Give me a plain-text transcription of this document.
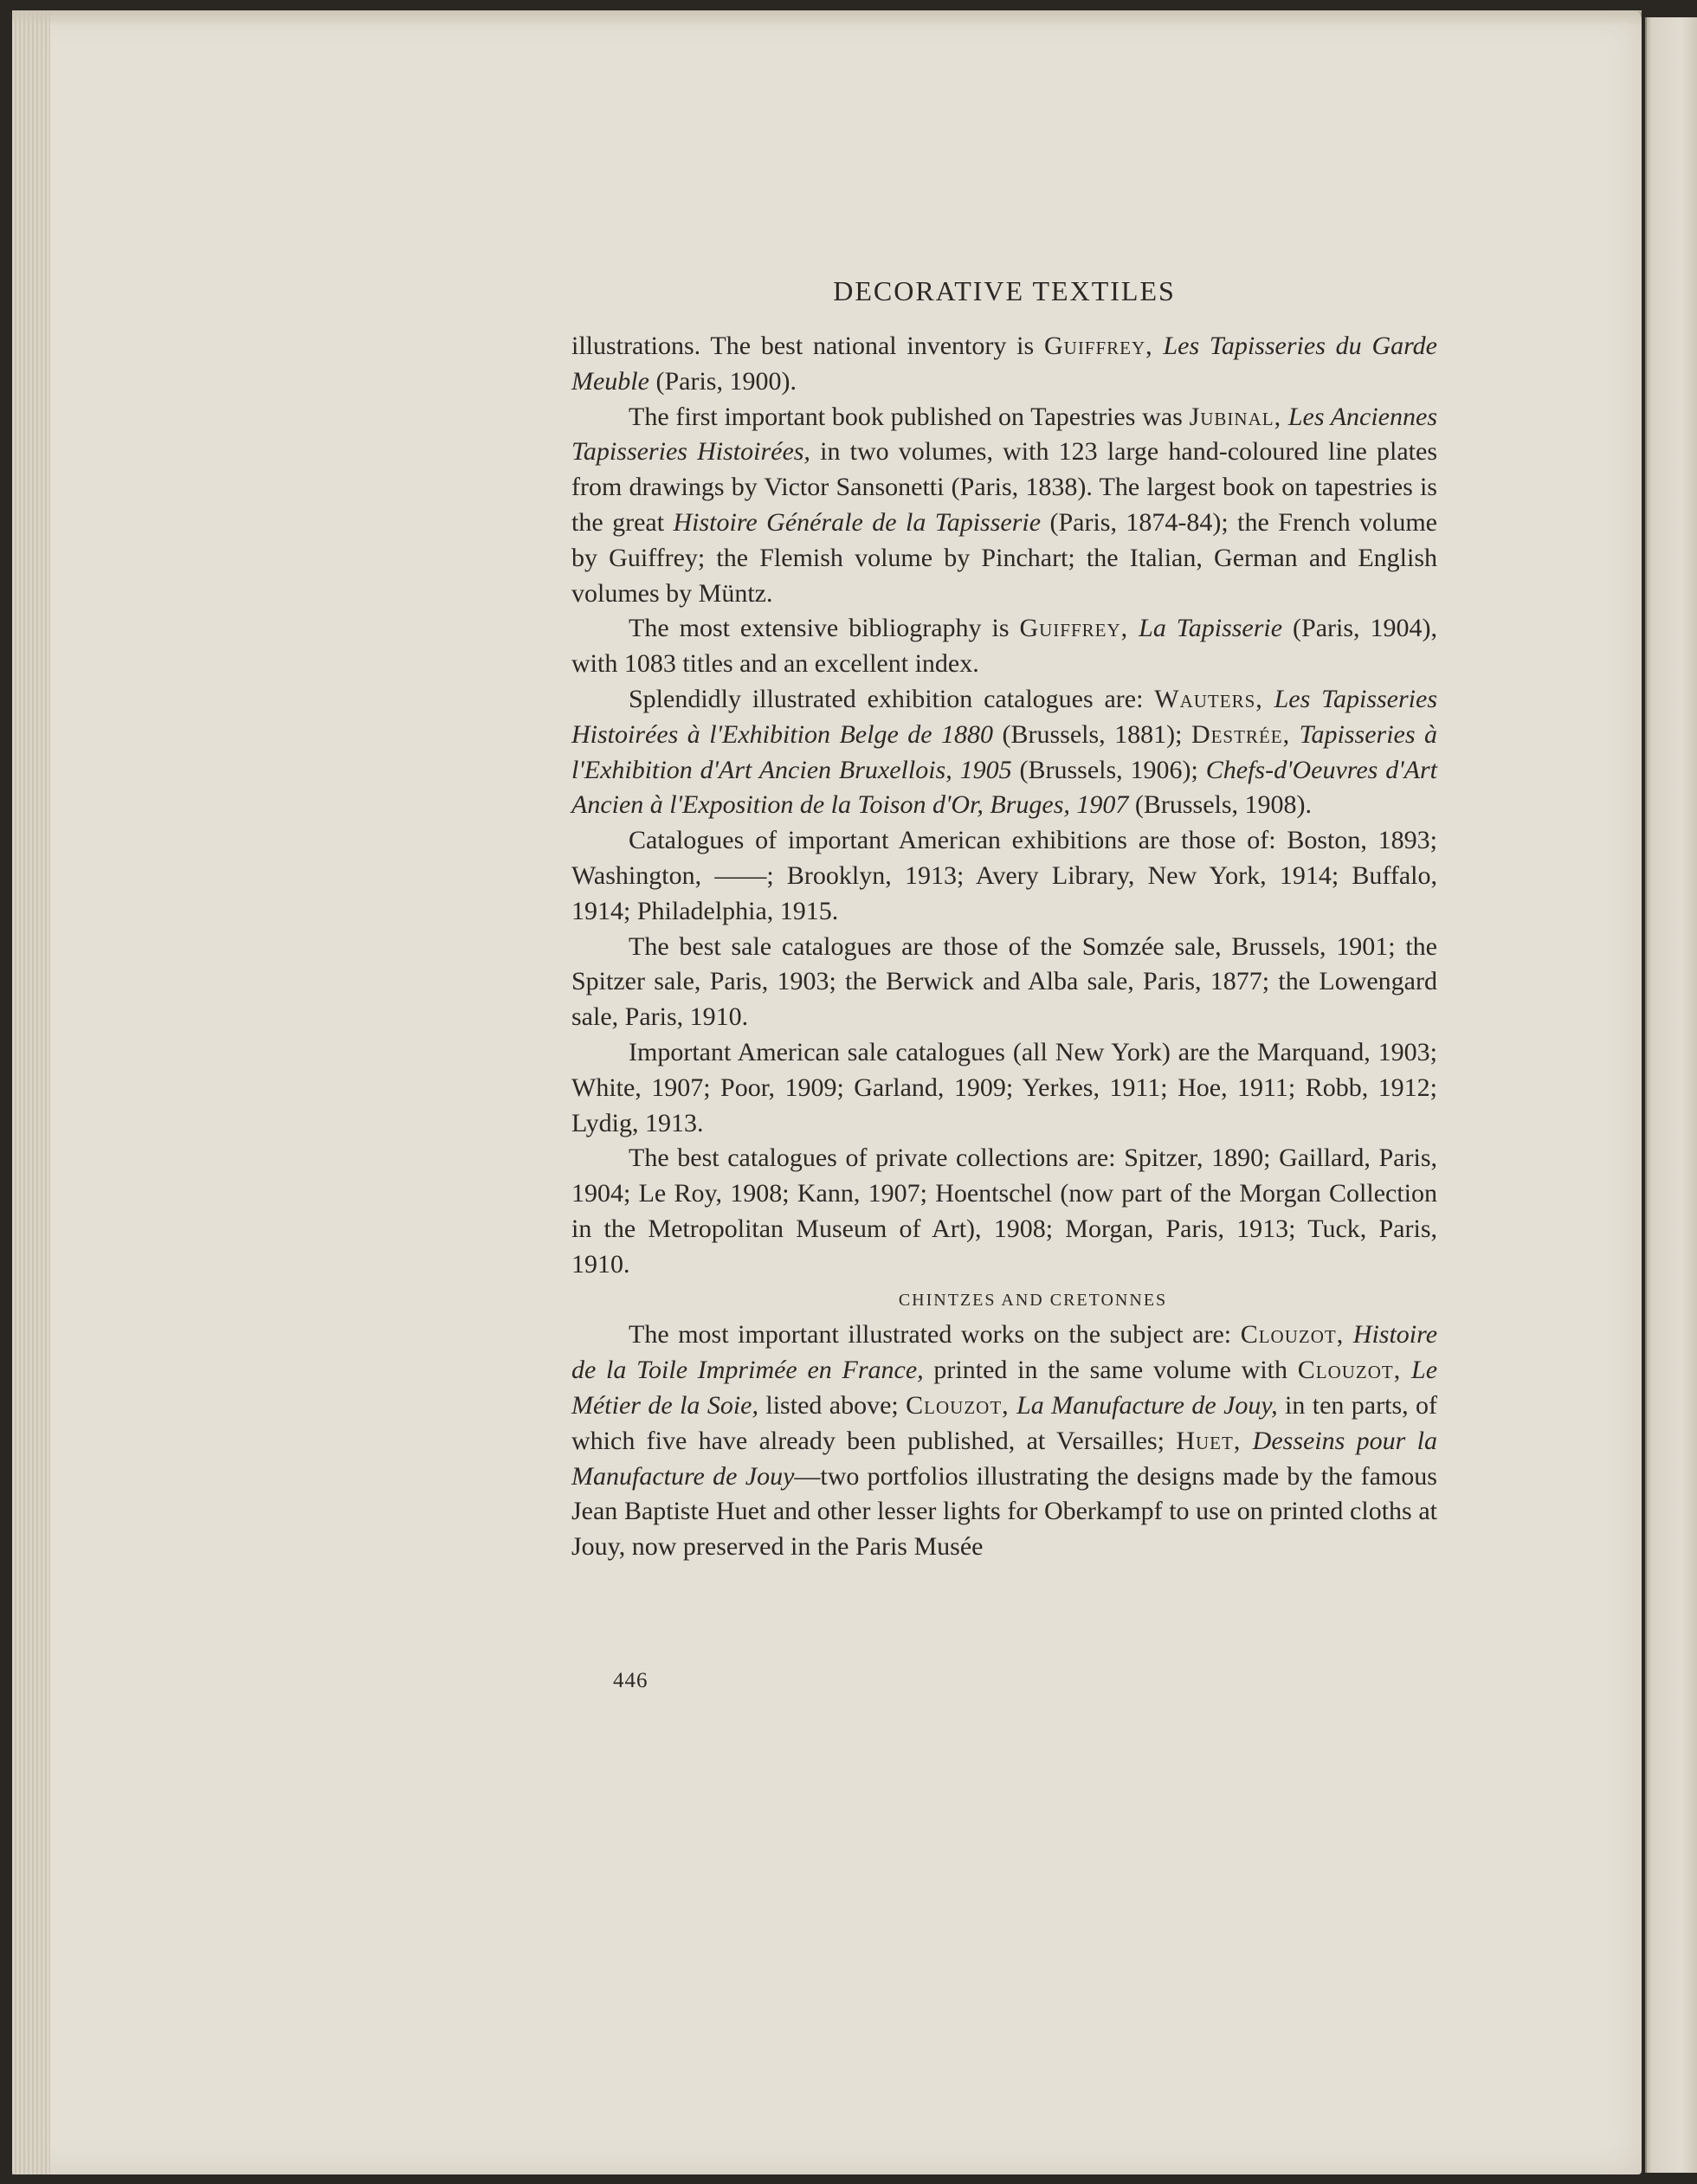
DECORATIVE TEXTILES

illustrations. The best national inventory is Guiffrey, Les Tapisseries du Garde Meuble (Paris, 1900).

The first important book published on Tapestries was Jubinal, Les Anciennes Tapisseries Histoirées, in two volumes, with 123 large hand-coloured line plates from drawings by Victor Sansonetti (Paris, 1838). The largest book on tapestries is the great Histoire Générale de la Tapisserie (Paris, 1874-84); the French volume by Guiffrey; the Flemish volume by Pinchart; the Italian, German and English volumes by Müntz.

The most extensive bibliography is Guiffrey, La Tapisserie (Paris, 1904), with 1083 titles and an excellent index.

Splendidly illustrated exhibition catalogues are: Wauters, Les Tapisseries Histoirées à l'Exhibition Belge de 1880 (Brussels, 1881); Destrée, Tapisseries à l'Exhibition d'Art Ancien Bruxellois, 1905 (Brussels, 1906); Chefs-d'Oeuvres d'Art Ancien à l'Exposition de la Toison d'Or, Bruges, 1907 (Brussels, 1908).

Catalogues of important American exhibitions are those of: Boston, 1893; Washington, ——; Brooklyn, 1913; Avery Library, New York, 1914; Buffalo, 1914; Philadelphia, 1915.

The best sale catalogues are those of the Somzée sale, Brussels, 1901; the Spitzer sale, Paris, 1903; the Berwick and Alba sale, Paris, 1877; the Lowengard sale, Paris, 1910.

Important American sale catalogues (all New York) are the Marquand, 1903; White, 1907; Poor, 1909; Garland, 1909; Yerkes, 1911; Hoe, 1911; Robb, 1912; Lydig, 1913.

The best catalogues of private collections are: Spitzer, 1890; Gaillard, Paris, 1904; Le Roy, 1908; Kann, 1907; Hoentschel (now part of the Morgan Collection in the Metropolitan Museum of Art), 1908; Morgan, Paris, 1913; Tuck, Paris, 1910.

CHINTZES AND CRETONNES

The most important illustrated works on the subject are: Clouzot, Histoire de la Toile Imprimée en France, printed in the same volume with Clouzot, Le Métier de la Soie, listed above; Clouzot, La Manufacture de Jouy, in ten parts, of which five have already been published, at Versailles; Huet, Desseins pour la Manufacture de Jouy—two portfolios illustrating the designs made by the famous Jean Baptiste Huet and other lesser lights for Oberkampf to use on printed cloths at Jouy, now preserved in the Paris Musée

446
